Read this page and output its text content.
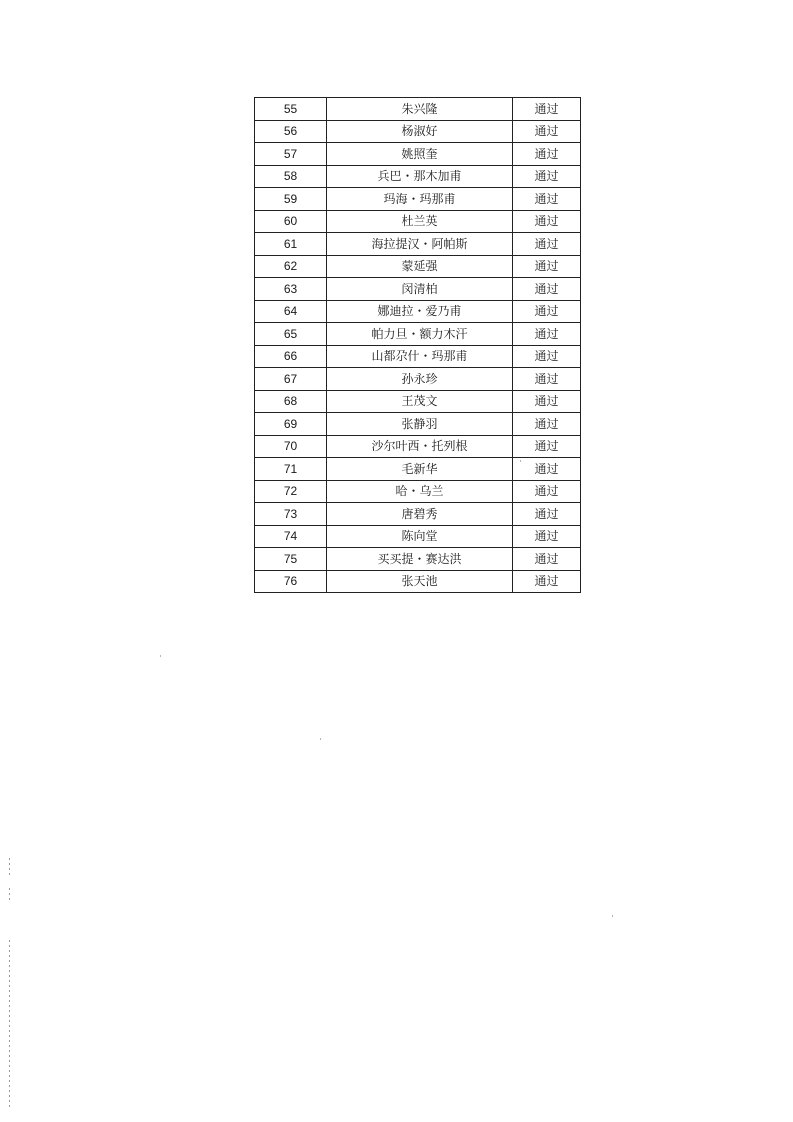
55	朱兴隆	通过
56	杨淑好	通过
57	姚照奎	通过
58	兵巴・那木加甫	通过
59	玛海・玛那甫	通过
60	杜兰英	通过
61	海拉提汉・阿帕斯	通过
62	蒙延强	通过
63	闵清柏	通过
64	娜迪拉・爱乃甫	通过
65	帕力旦・额力木汗	通过
66	山都尕什・玛那甫	通过
67	孙永珍	通过
68	王茂文	通过
69	张静羽	通过
70	沙尔叶西・托列根	通过
71	毛新华	通过
72	哈・乌兰	通过
73	唐碧秀	通过
74	陈向堂	通过
75	买买提・赛达洪	通过
76	张天池	通过
